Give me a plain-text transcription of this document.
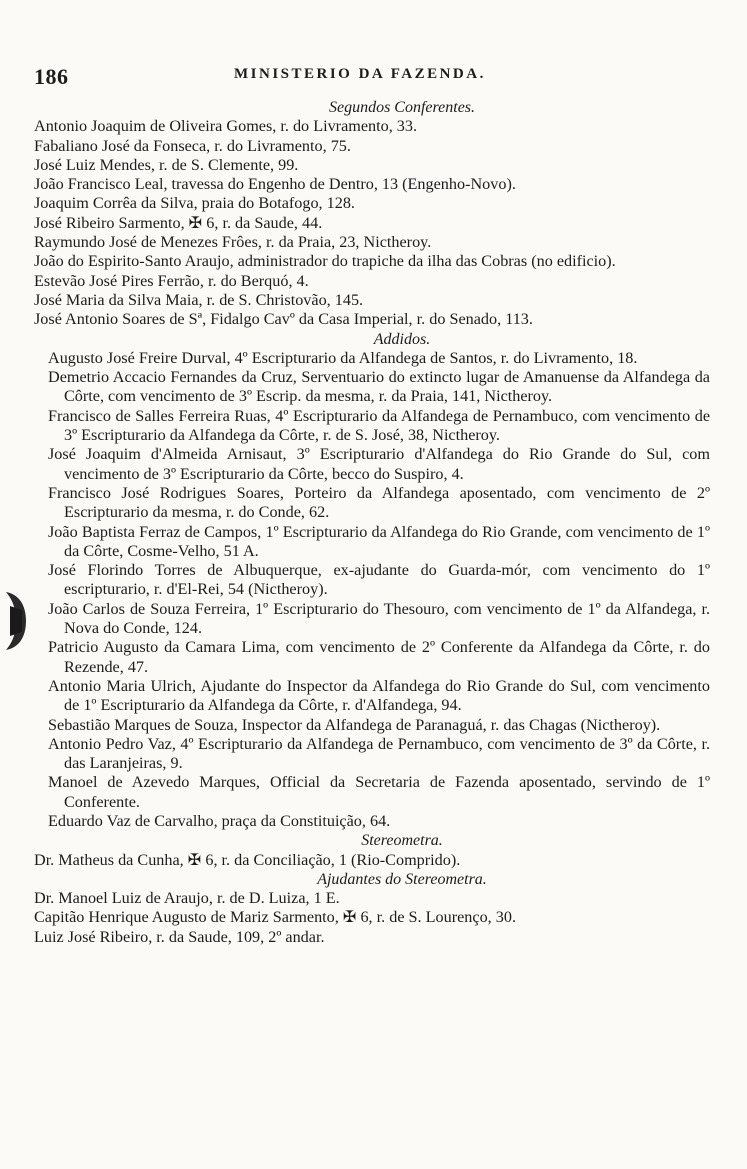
186	MINISTERIO DA FAZENDA.
Segundos Conferentes.

Antonio Joaquim de Oliveira Gomes, r. do Livramento, 33.

Fabaliano José da Fonseca, r. do Livramento, 75.

José Luiz Mendes, r. de S. Clemente, 99.

João Francisco Leal, travessa do Engenho de Dentro, 13 (Engenho-Novo).

Joaquim Corrêa da Silva, praia do Botafogo, 128.

José Ribeiro Sarmento, ✠ 6, r. da Saude, 44.

Raymundo José de Menezes Frôes, r. da Praia, 23, Nictheroy.

João do Espirito-Santo Araujo, administrador do trapiche da ilha das Cobras (no edificio).

Estevão José Pires Ferrão, r. do Berquó, 4.

José Maria da Silva Maia, r. de S. Christovão, 145.

José Antonio Soares de Sª, Fidalgo Cavº da Casa Imperial, r. do Senado, 113.

Addidos.

Augusto José Freire Durval, 4º Escripturario da Alfandega de Santos, r. do Livramento, 18.

Demetrio Accacio Fernandes da Cruz, Serventuario do extincto lugar de Amanuense da Alfandega da Côrte, com vencimento de 3º Escrip. da mesma, r. da Praia, 141, Nictheroy.

Francisco de Salles Ferreira Ruas, 4º Escripturario da Alfandega de Pernambuco, com vencimento de 3º Escripturario da Alfandega da Côrte, r. de S. José, 38, Nictheroy.

José Joaquim d'Almeida Arnisaut, 3º Escripturario d'Alfandega do Rio Grande do Sul, com vencimento de 3º Escripturario da Côrte, becco do Suspiro, 4.

Francisco José Rodrigues Soares, Porteiro da Alfandega aposentado, com vencimento de 2º Escripturario da mesma, r. do Conde, 62.

João Baptista Ferraz de Campos, 1º Escripturario da Alfandega do Rio Grande, com vencimento de 1º da Côrte, Cosme-Velho, 51 A.

José Florindo Torres de Albuquerque, ex-ajudante do Guarda-mór, com vencimento do 1º escripturario, r. d'El-Rei, 54 (Nictheroy).

João Carlos de Souza Ferreira, 1º Escripturario do Thesouro, com vencimento de 1º da Alfandega, r. Nova do Conde, 124.

Patricio Augusto da Camara Lima, com vencimento de 2º Conferente da Alfandega da Côrte, r. do Rezende, 47.

Antonio Maria Ulrich, Ajudante do Inspector da Alfandega do Rio Grande do Sul, com vencimento de 1º Escripturario da Alfandega da Côrte, r. d'Alfandega, 94.

Sebastião Marques de Souza, Inspector da Alfandega de Paranaguá, r. das Chagas (Nictheroy).

Antonio Pedro Vaz, 4º Escripturario da Alfandega de Pernambuco, com vencimento de 3º da Côrte, r. das Laranjeiras, 9.

Manoel de Azevedo Marques, Official da Secretaria de Fazenda aposentado, servindo de 1º Conferente.

Eduardo Vaz de Carvalho, praça da Constituição, 64.

Stereometra.

Dr. Matheus da Cunha, ✠ 6, r. da Conciliação, 1 (Rio-Comprido).

Ajudantes do Stereometra.

Dr. Manoel Luiz de Araujo, r. de D. Luiza, 1 E.

Capitão Henrique Augusto de Mariz Sarmento, ✠ 6, r. de S. Lourenço, 30.

Luiz José Ribeiro, r. da Saude, 109, 2º andar.
